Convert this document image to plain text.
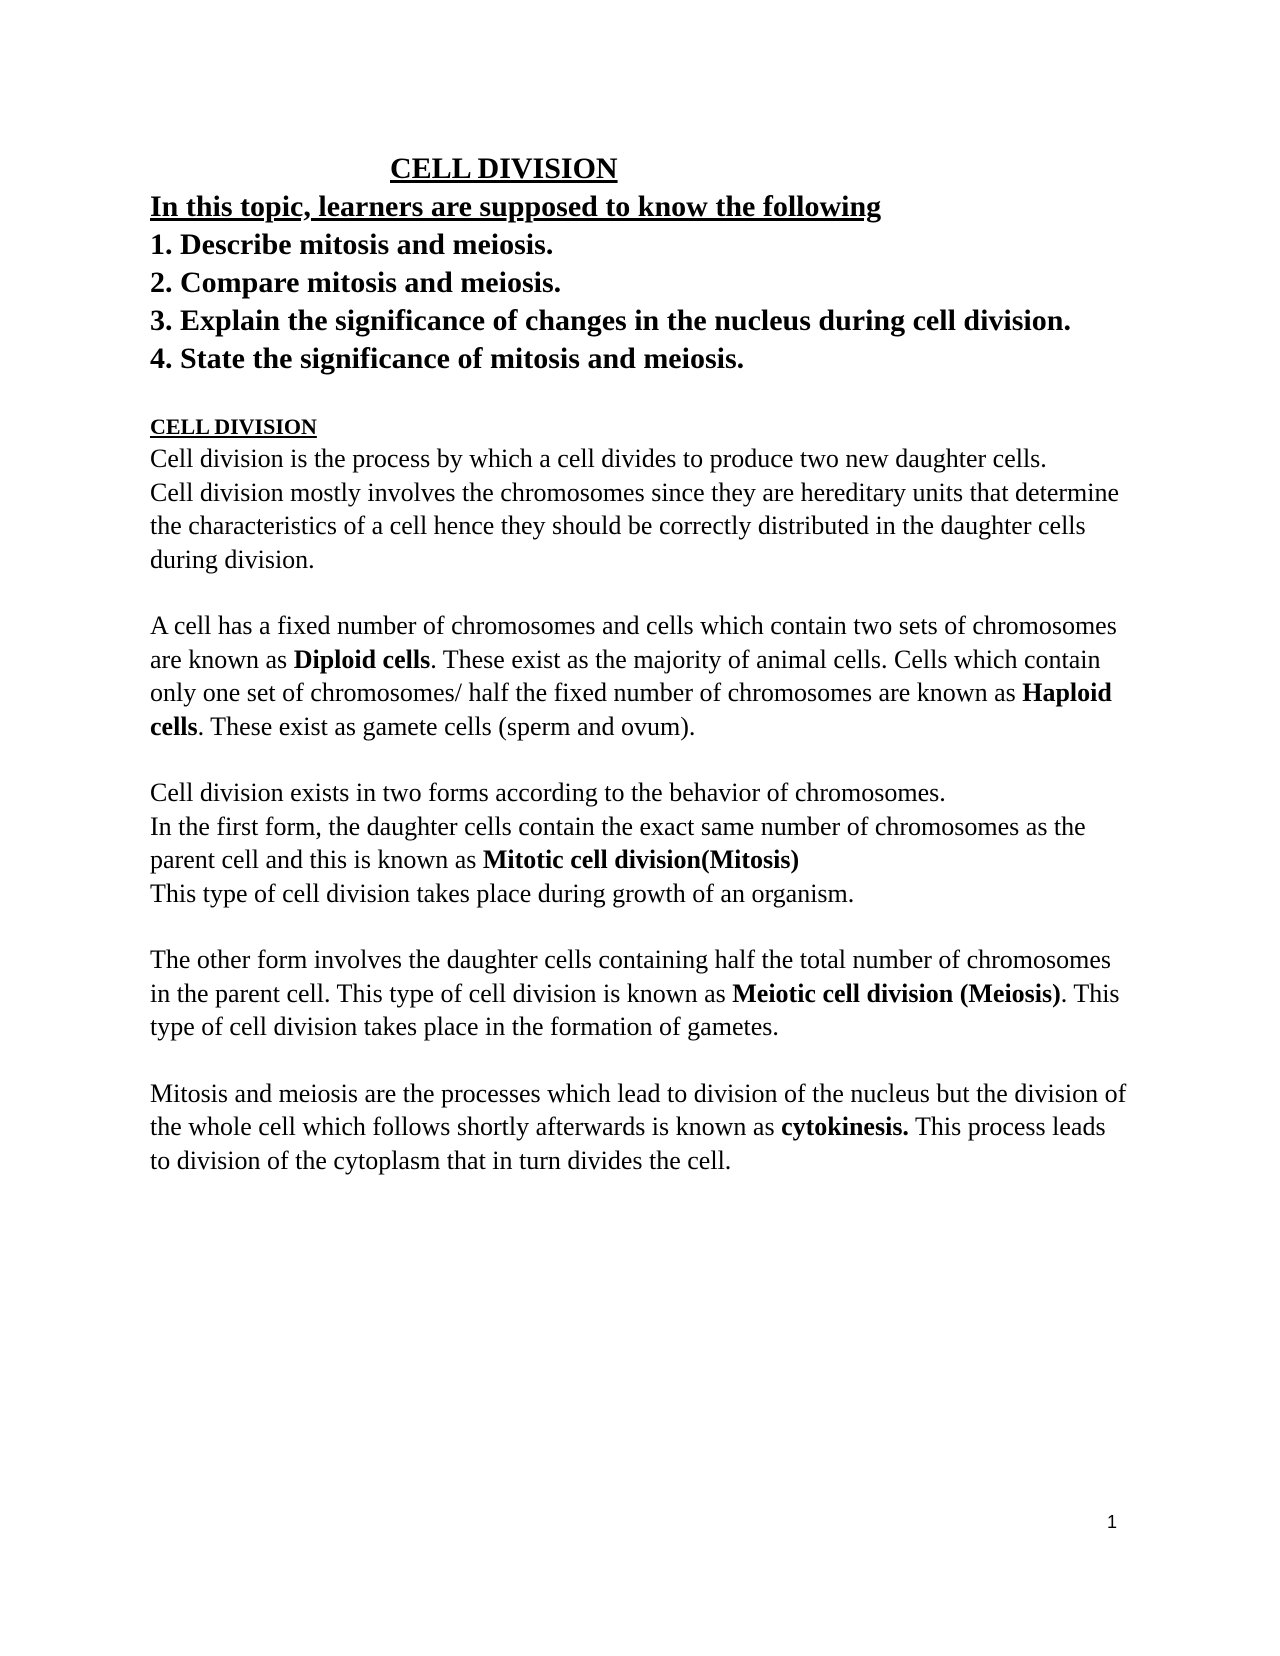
CELL DIVISION
In this topic, learners are supposed to know the following
1. Describe mitosis and meiosis.
2. Compare mitosis and meiosis.
3. Explain the significance of changes in the nucleus during cell division.
4. State the significance of mitosis and meiosis.
CELL DIVISION

Cell division is the process by which a cell divides to produce two new daughter cells.

Cell division mostly involves the chromosomes since they are hereditary units that determine the characteristics of a cell hence they should be correctly distributed in the daughter cells during division.

A cell has a fixed number of chromosomes and cells which contain two sets of chromosomes are known as Diploid cells. These exist as the majority of animal cells. Cells which contain only one set of chromosomes/ half the fixed number of chromosomes are known as Haploid cells. These exist as gamete cells (sperm and ovum).

Cell division exists in two forms according to the behavior of chromosomes.

In the first form, the daughter cells contain the exact same number of chromosomes as the parent cell and this is known as Mitotic cell division(Mitosis)

This type of cell division takes place during growth of an organism.

The other form involves the daughter cells containing half the total number of chromosomes in the parent cell. This type of cell division is known as Meiotic cell division (Meiosis). This type of cell division takes place in the formation of gametes.

Mitosis and meiosis are the processes which lead to division of the nucleus but the division of the whole cell which follows shortly afterwards is known as cytokinesis. This process leads to division of the cytoplasm that in turn divides the cell.

1
